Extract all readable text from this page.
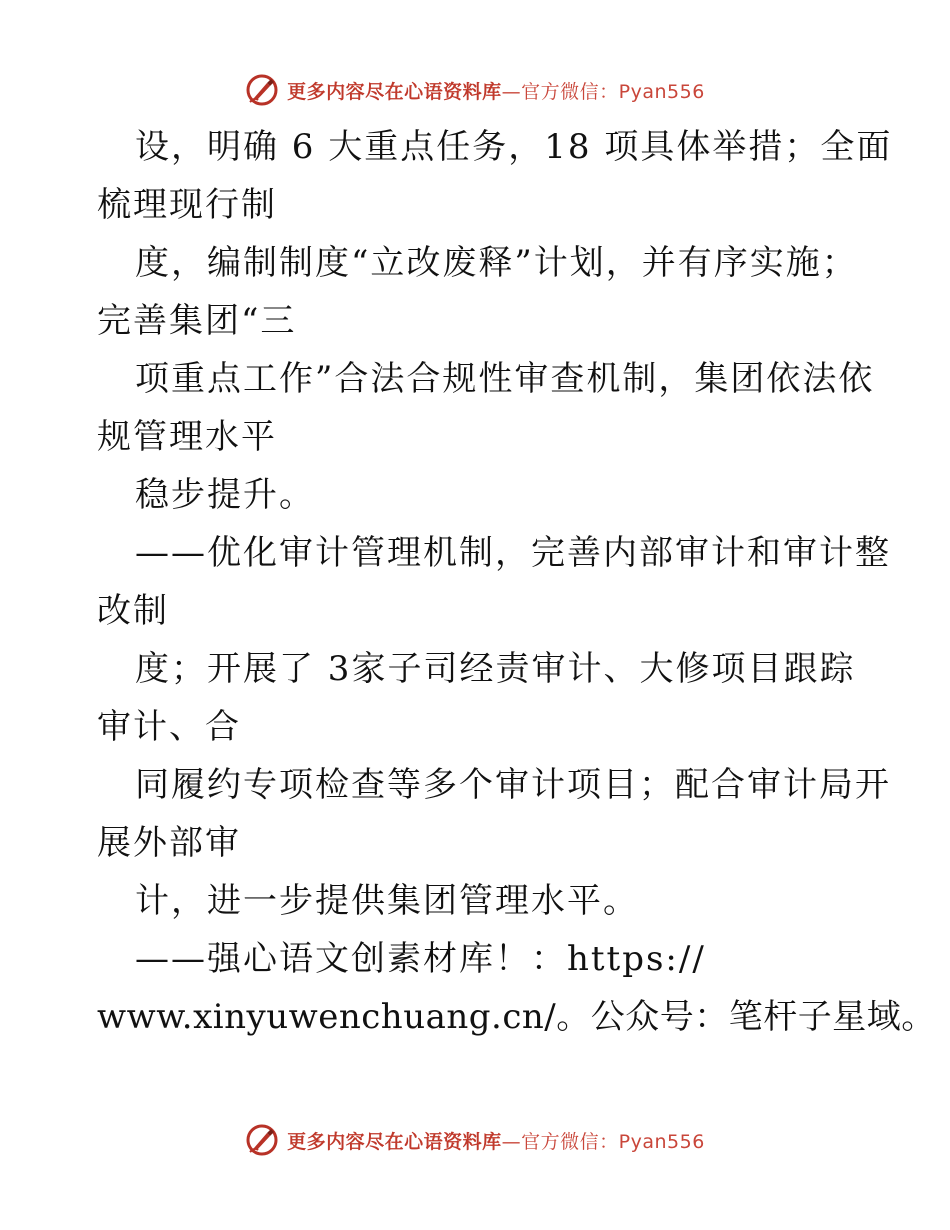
更多内容尽在心语资料库—官方微信：Pyan556
设，明确 6 大重点任务，18 项具体举措；全面
梳理现行制
度，编制制度“立改废释”计划，并有序实施；
完善集团“三
项重点工作”合法合规性审查机制，集团依法依
规管理水平
稳步提升。
——优化审计管理机制，完善内部审计和审计整
改制
度；开展了 3家子司经责审计、大修项目跟踪
审计、合
同履约专项检查等多个审计项目；配合审计局开
展外部审
计，进一步提供集团管理水平。
——强心语文创素材库！：https://
www.xinyuwenchuang.cn/。公众号：笔杆子星域。
更多内容尽在心语资料库—官方微信：Pyan556
